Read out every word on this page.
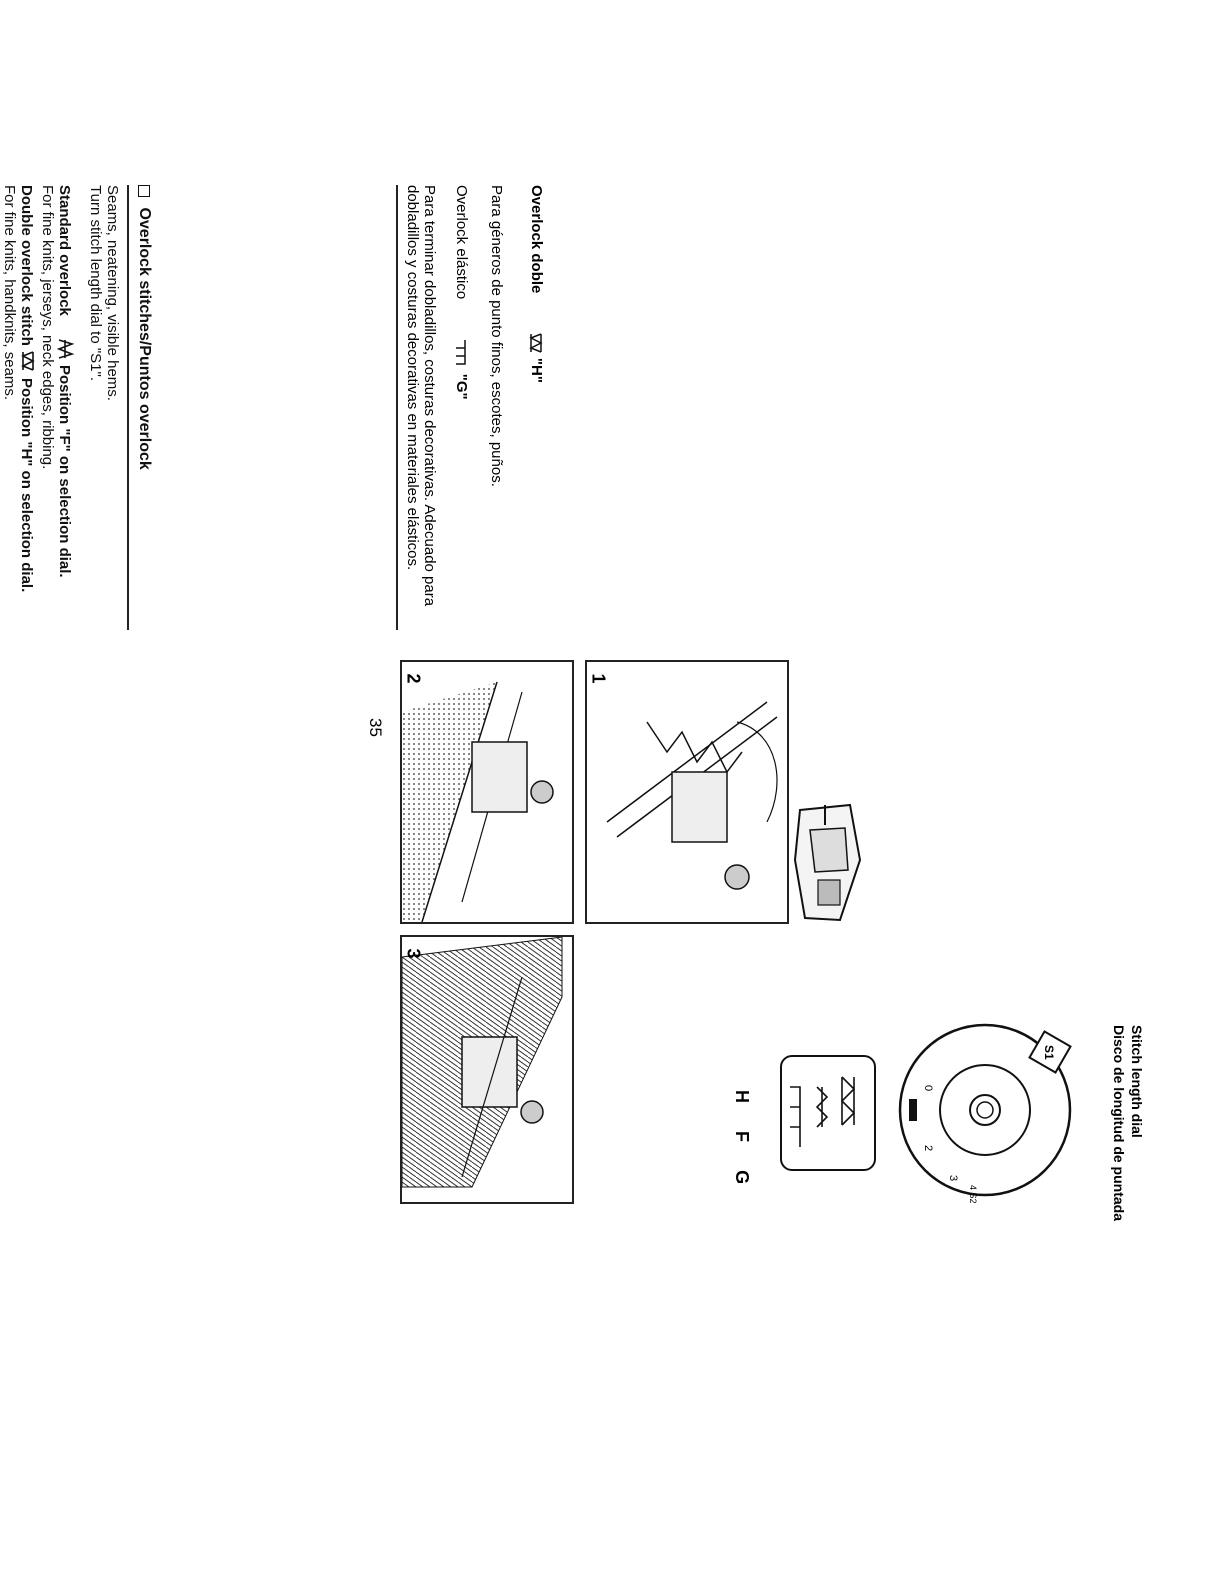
Overlock stitches/Puntos overlock
Seams, neatening, visible hems.
Turn stitch length dial to "S1".
Standard overlock
Position "F" on selection dial.
For fine knits, jerseys, neck edges, ribbing.
Double overlock stitch
Position "H" on selection dial.
For fine knits, handknits, seams.	Overlock doble   "H"
Para géneros de punto finos, escotes, puños.
Overlock elástico   "G"
Para terminar dobladillos, costuras decorativas. Adecuado para
dobladillos y costuras decorativas en materiales elásticos.
1
2
3
S1
0
2
3
4 S2 S3
Stitch length dial
Disco de longitud de puntada
H  F  G
35
